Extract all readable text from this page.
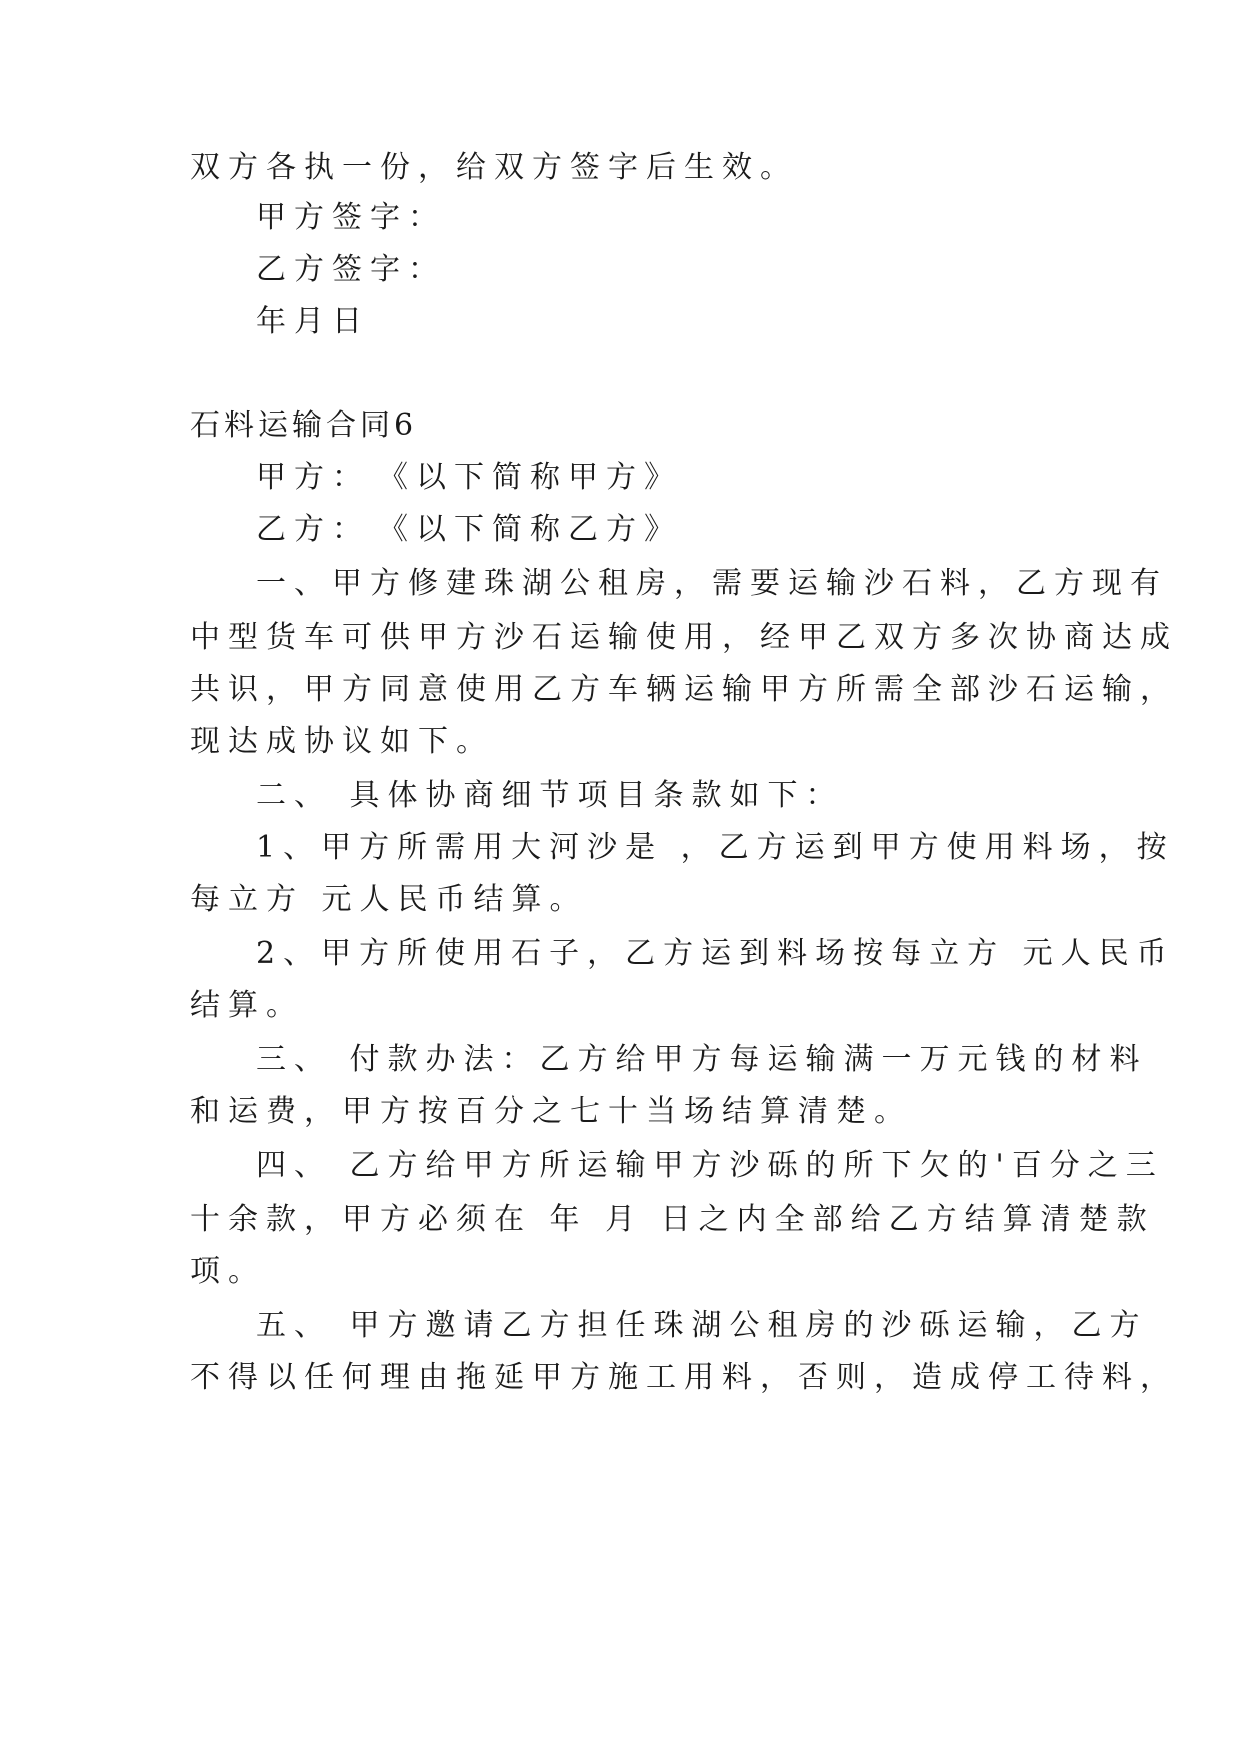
双方各执一份，给双方签字后生效。
甲方签字：
乙方签字：
年月日
石料运输合同6
甲方：　《以下简称甲方》
乙方：　《以下简称乙方》
一、甲方修建珠湖公租房，需要运输沙石料，乙方现有
中型货车可供甲方沙石运输使用，经甲乙双方多次协商达成
共识，甲方同意使用乙方车辆运输甲方所需全部沙石运输，
现达成协议如下。
二、 具体协商细节项目条款如下：
1、甲方所需用大河沙是 ，乙方运到甲方使用料场，按
每立方 元人民币结算。
2、甲方所使用石子，乙方运到料场按每立方 元人民币
结算。
三、 付款办法：乙方给甲方每运输满一万元钱的材料
和运费，甲方按百分之七十当场结算清楚。
四、 乙方给甲方所运输甲方沙砾的所下欠的'百分之三
十余款，甲方必须在 年 月 日之内全部给乙方结算清楚款
项。
五、 甲方邀请乙方担任珠湖公租房的沙砾运输，乙方
不得以任何理由拖延甲方施工用料，否则，造成停工待料，
